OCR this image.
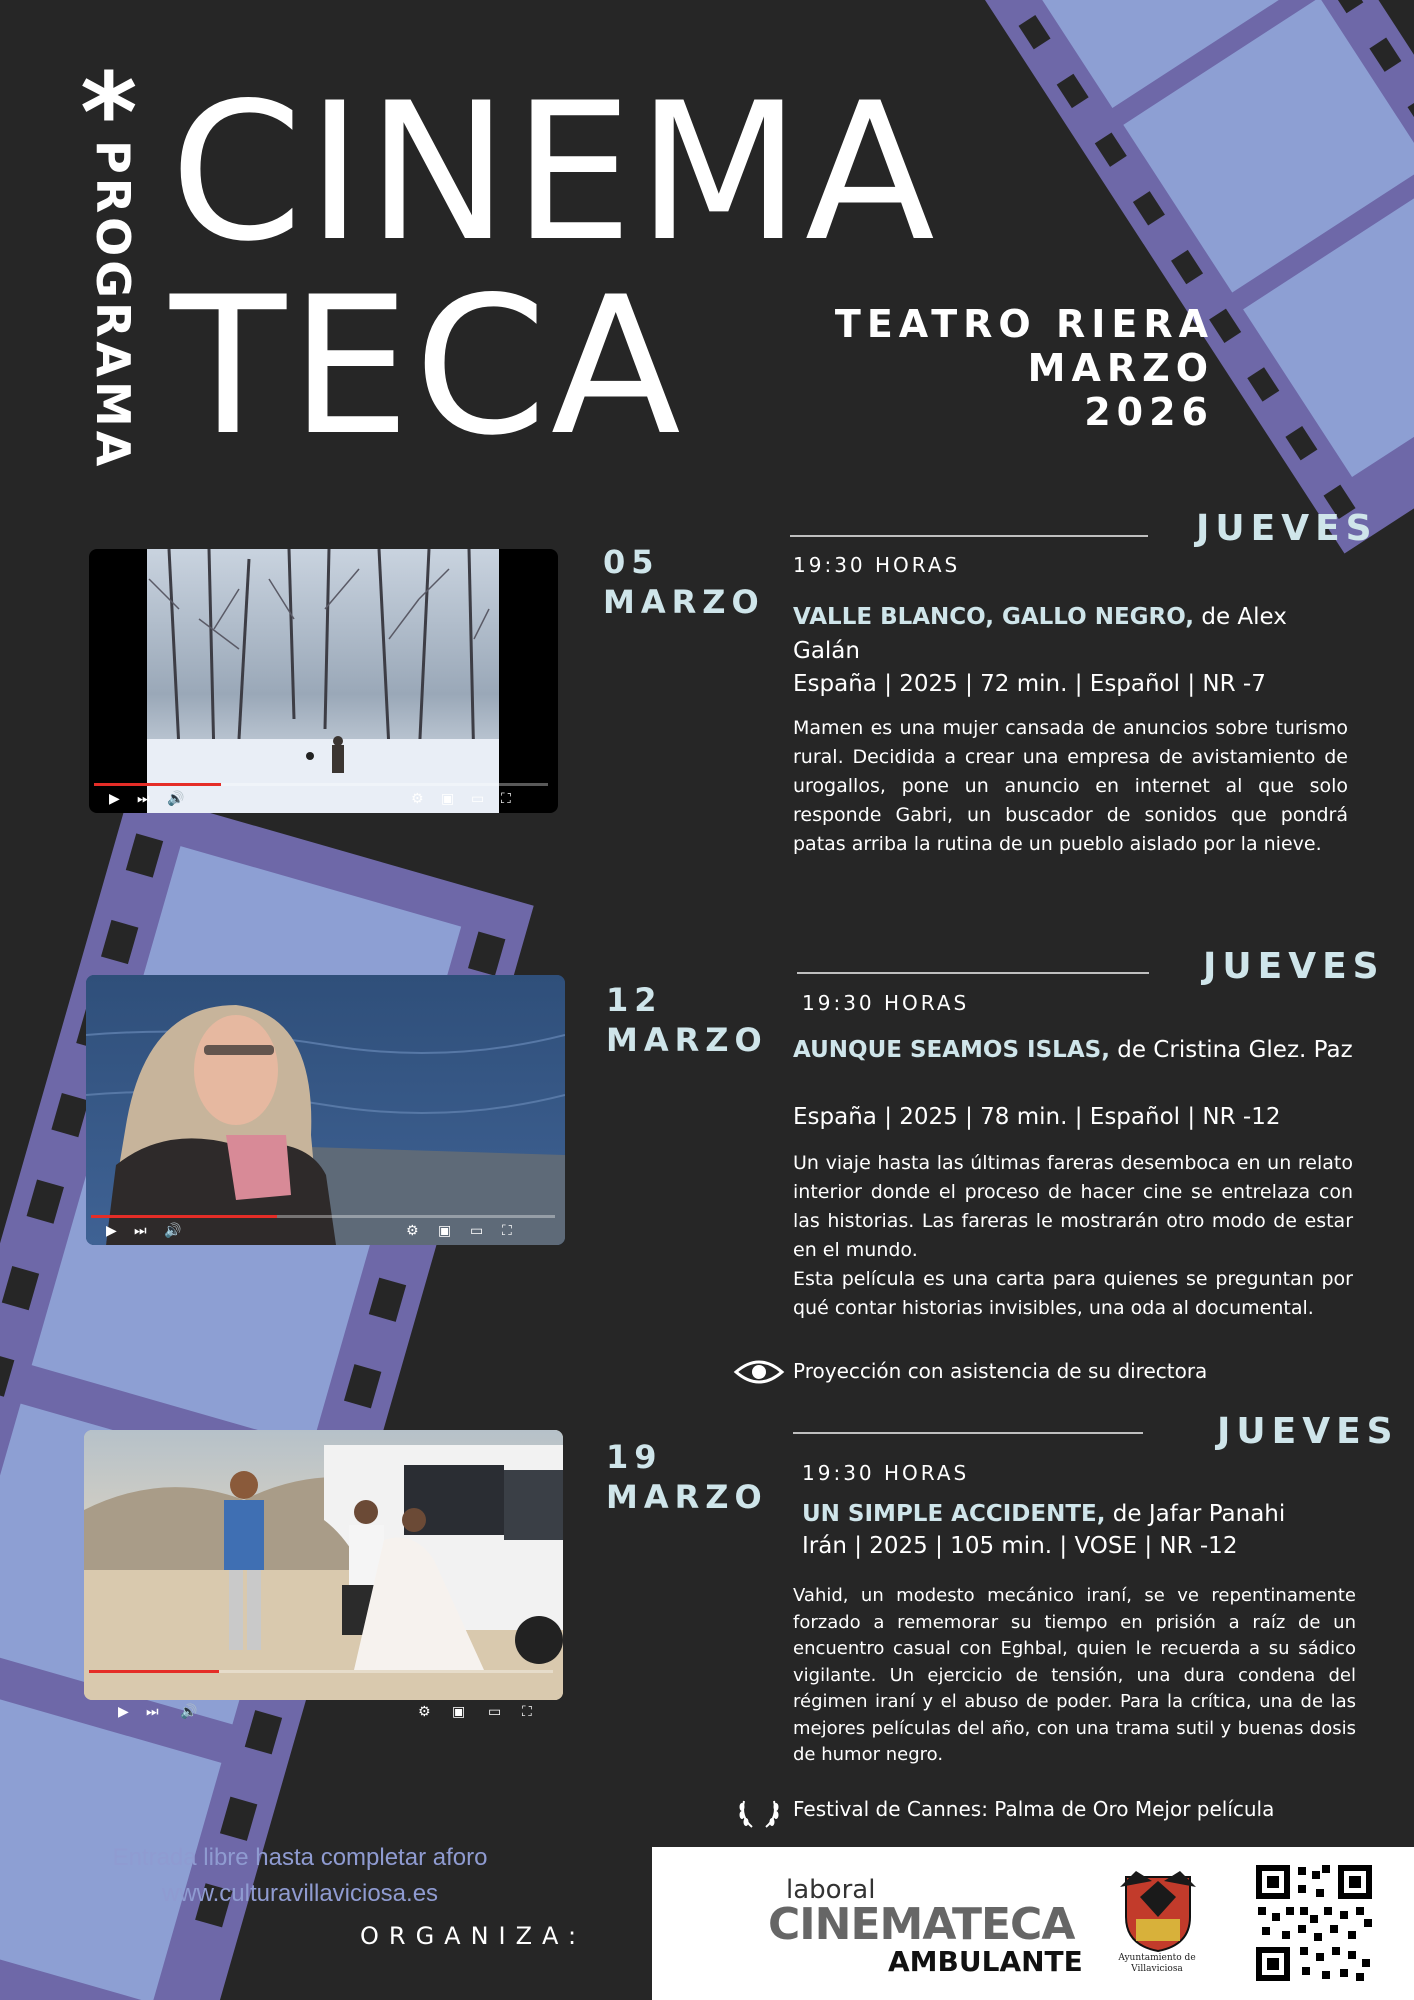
*
PROGRAMA CINEMA
TECA	TEATRO RIERA
MARZO
2026
▶ ⏭ 🔊	⚙ ▣ ▭ ⛶
05
MARZO
JUEVES
19:30 HORAS
VALLE BLANCO, GALLO NEGRO, de Alex Galán
España | 2025 | 72 min. | Español | NR -7

Mamen es una mujer cansada de anuncios sobre turismo rural. Decidida a crear una empresa de avistamiento de urogallos, pone un anuncio en internet al que solo responde Gabri, un buscador de sonidos que pondrá patas arriba la rutina de un pueblo aislado por la nieve.

▶ ⏭ 🔊	⚙ ▣ ▭ ⛶
12
MARZO
JUEVES
19:30 HORAS
AUNQUE SEAMOS ISLAS, de Cristina Glez. Paz
España | 2025 | 78 min. | Español | NR -12

Un viaje hasta las últimas fareras desemboca en un relato interior donde el proceso de hacer cine se entrelaza con las historias. Las fareras le mostrarán otro modo de estar en el mundo.

Esta película es una carta para quienes se preguntan por qué contar historias invisibles, una oda al documental.

Proyección con asistencia de su directora
▶ ⏭ 🔊	⚙ ▣ ▭ ⛶
19
MARZO
JUEVES
19:30 HORAS
UN SIMPLE ACCIDENTE, de Jafar Panahi
Irán | 2025 | 105 min. | VOSE | NR -12

Vahid, un modesto mecánico iraní, se ve repentinamente forzado a rememorar su tiempo en prisión a raíz de un encuentro casual con Eghbal, quien le recuerda a su sádico vigilante. Un ejercicio de tensión, una dura condena del régimen iraní y el abuso de poder. Para la crítica, una de las mejores películas del año, con una trama sutil y buenas dosis de humor negro.

Festival de Cannes: Palma de Oro Mejor película
Entrada libre hasta completar aforo
www.culturavillaviciosa.es
ORGANIZA:
laboral
CINEMATECA
AMBULANTE	Ayuntamiento de Villaviciosa
